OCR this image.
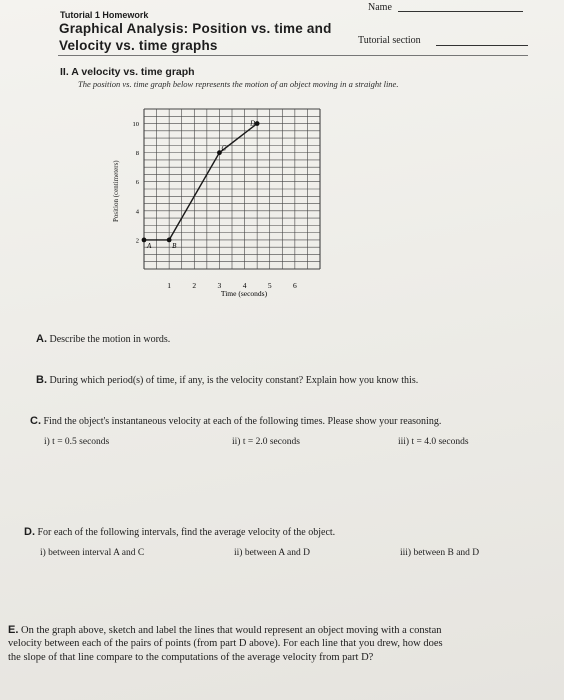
Tutorial 1 Homework
Graphical Analysis: Position vs. time and
Velocity vs. time graphs
Name
Tutorial section
II. A velocity vs. time graph
The position vs. time graph below represents the motion of an object moving in a straight line.
Position (centimeters)
A	B
C
D
1	2	3	4	5	6
2
4
6
8
10
Time (seconds)
A. Describe the motion in words.
B. During which period(s) of time, if any, is the velocity constant? Explain how you know this.
C. Find the object's instantaneous velocity at each of the following times. Please show your reasoning.
i) t = 0.5 seconds	ii) t = 2.0 seconds	iii) t = 4.0 seconds
D. For each of the following intervals, find the average velocity of the object.
i) between interval A and C	ii) between A and D	iii) between B and D
E. On the graph above, sketch and label the lines that would represent an object moving with a constan
velocity between each of the pairs of points (from part D above). For each line that you drew, how does
the slope of that line compare to the computations of the average velocity from part D?
